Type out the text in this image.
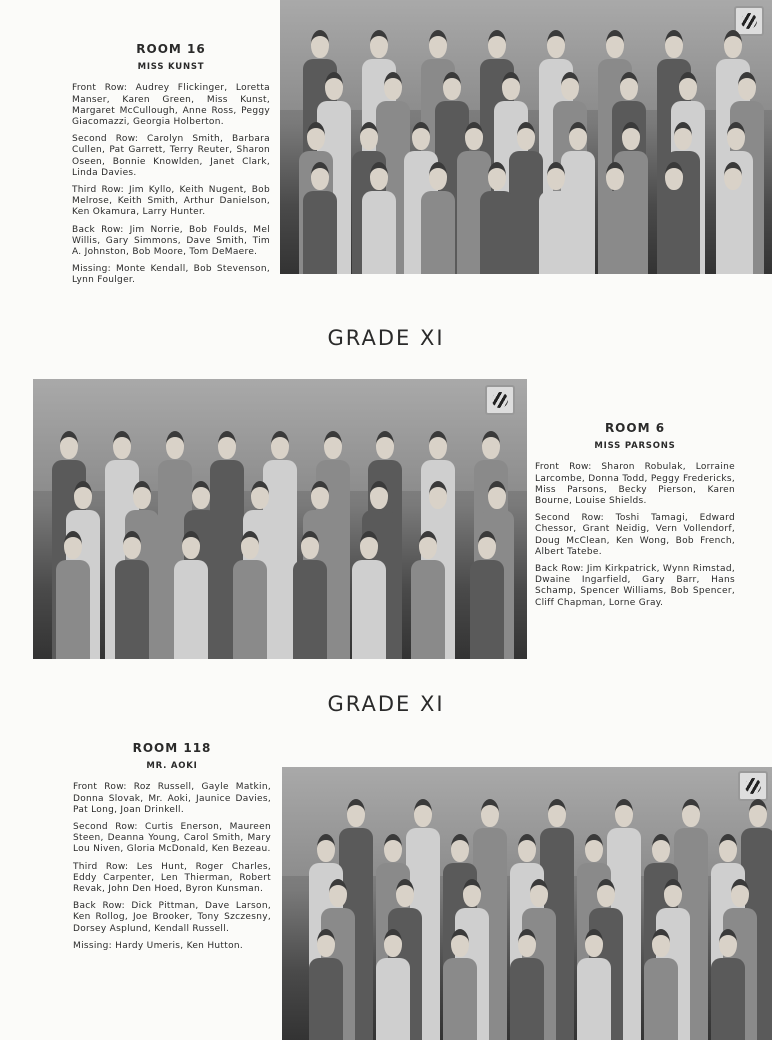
ROOM 16
MISS KUNST

Front Row: Audrey Flickinger, Loretta Manser, Karen Green, Miss Kunst, Margaret McCullough, Anne Ross, Peggy Giacomazzi, Georgia Holberton.

Second Row: Carolyn Smith, Barbara Cullen, Pat Garrett, Terry Reuter, Sharon Oseen, Bonnie Knowlden, Janet Clark, Linda Davies.

Third Row: Jim Kyllo, Keith Nugent, Bob Melrose, Keith Smith, Arthur Danielson, Ken Okamura, Larry Hunter.

Back Row: Jim Norrie, Bob Foulds, Mel Willis, Gary Simmons, Dave Smith, Tim A. Johnston, Bob Moore, Tom DeMaere.

Missing: Monte Kendall, Bob Stevenson, Lynn Foulger.

GRADE XI
ROOM 6
MISS PARSONS

Front Row: Sharon Robulak, Lorraine Larcombe, Donna Todd, Peggy Fredericks, Miss Parsons, Becky Pierson, Karen Bourne, Louise Shields.

Second Row: Toshi Tamagi, Edward Chessor, Grant Neidig, Vern Vollendorf, Doug McClean, Ken Wong, Bob French, Albert Tatebe.

Back Row: Jim Kirkpatrick, Wynn Rimstad, Dwaine Ingarfield, Gary Barr, Hans Schamp, Spencer Williams, Bob Spencer, Cliff Chapman, Lorne Gray.

GRADE XI
ROOM 118
MR. AOKI

Front Row: Roz Russell, Gayle Matkin, Donna Slovak, Mr. Aoki, Jaunice Davies, Pat Long, Joan Drinkell.

Second Row: Curtis Enerson, Maureen Steen, Deanna Young, Carol Smith, Mary Lou Niven, Gloria McDonald, Ken Bezeau.

Third Row: Les Hunt, Roger Charles, Eddy Carpenter, Len Thierman, Robert Revak, John Den Hoed, Byron Kunsman.

Back Row: Dick Pittman, Dave Larson, Ken Rollog, Joe Brooker, Tony Szczesny, Dorsey Asplund, Kendall Russell.

Missing: Hardy Umeris, Ken Hutton.
